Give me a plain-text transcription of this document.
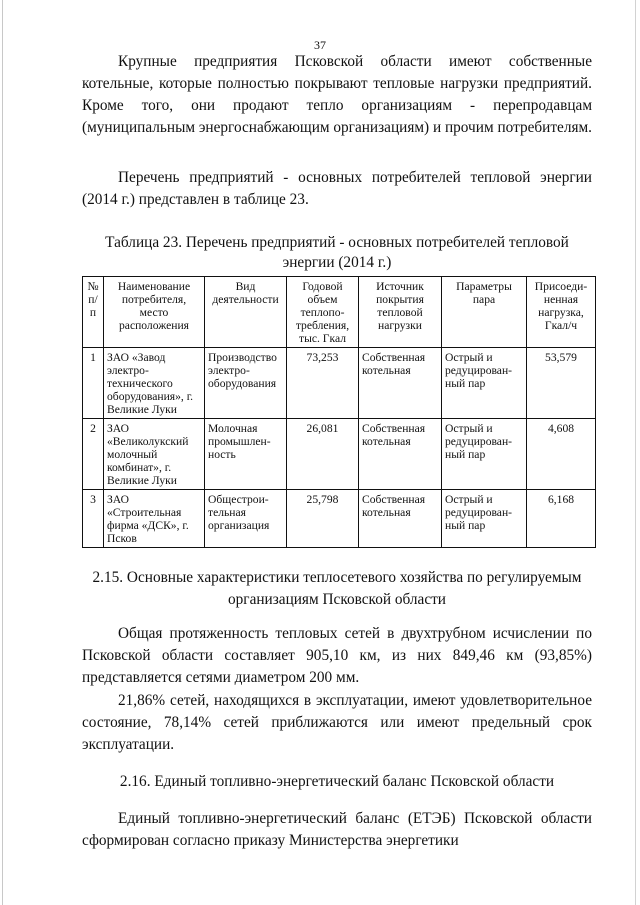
37

Крупные предприятия Псковской области имеют собственные котельные, которые полностью покрывают тепловые нагрузки предприятий. Кроме того, они продают тепло организациям - перепродавцам (муниципальным энергоснабжающим организациям) и прочим потребителям.

Перечень предприятий - основных потребителей тепловой энергии (2014 г.) представлен в таблице 23.

Таблица 23. Перечень предприятий - основных потребителей тепловой энергии (2014 г.)
№ п/п	Наименование потребителя, место расположения	Вид деятельности	Годовой объем теплопо- требления, тыс. Гкал	Источник покрытия тепловой нагрузки	Параметры пара	Присоеди- ненная нагрузка, Гкал/ч
1	ЗАО «Завод электро- технического оборудования», г. Великие Луки	Производство электро- оборудования	73,253	Собственная котельная	Острый и редуцирован- ный пар	53,579
2	ЗАО «Великолукский молочный комбинат», г. Великие Луки	Молочная промышлен- ность	26,081	Собственная котельная	Острый и редуцирован- ный пар	4,608
3	ЗАО «Строительная фирма «ДСК», г. Псков	Общестрои- тельная организация	25,798	Собственная котельная	Острый и редуцирован- ный пар	6,168
2.15. Основные характеристики теплосетевого хозяйства по регулируемым организациям Псковской области

Общая протяженность тепловых сетей в двухтрубном исчислении по Псковской области составляет 905,10 км, из них 849,46 км (93,85%) представляется сетями диаметром 200 мм.

21,86% сетей, находящихся в эксплуатации, имеют удовлетворительное состояние, 78,14% сетей приближаются или имеют предельный срок эксплуатации.

2.16. Единый топливно-энергетический баланс Псковской области

Единый топливно-энергетический баланс (ЕТЭБ) Псковской области сформирован согласно приказу Министерства энергетики
